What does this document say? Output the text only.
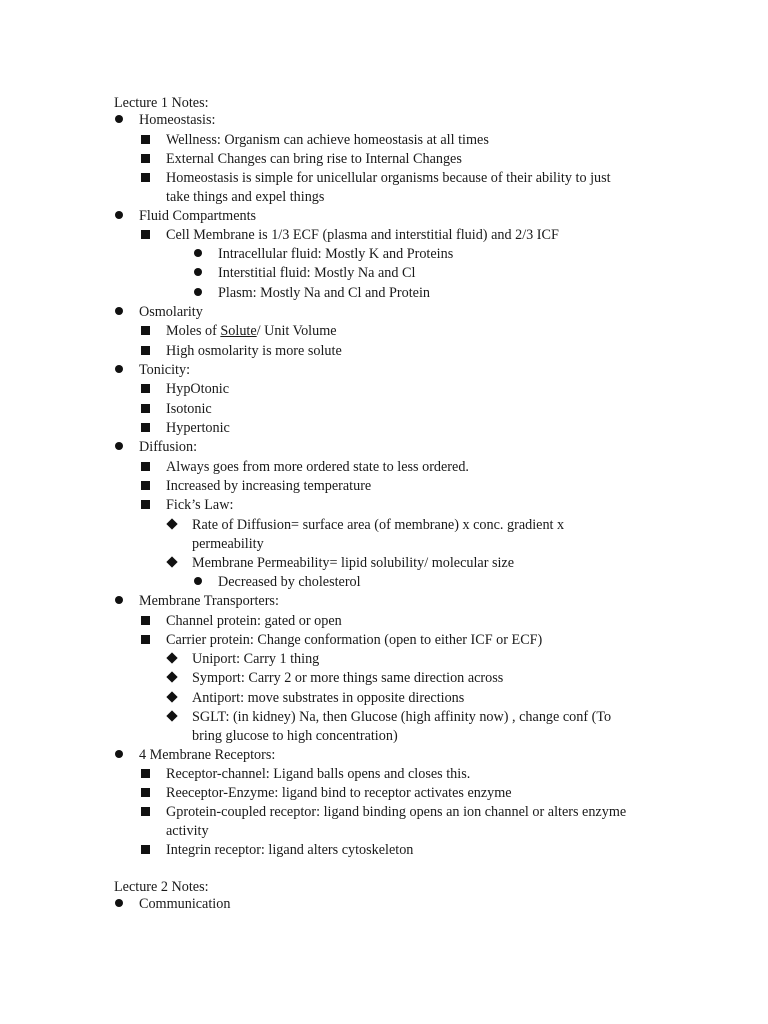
Lecture 1 Notes:
Homeostasis:
Wellness: Organism can achieve homeostasis at all times
External Changes can bring rise to Internal Changes
Homeostasis is simple for unicellular organisms because of their ability to just
take things and expel things
Fluid Compartments
Cell Membrane is 1/3 ECF (plasma and interstitial fluid) and 2/3 ICF
Intracellular fluid: Mostly K and Proteins
Interstitial fluid: Mostly Na and Cl
Plasm: Mostly Na and Cl and Protein
Osmolarity
Moles of Solute/ Unit Volume
High osmolarity is more solute
Tonicity:
HypOtonic
Isotonic
Hypertonic
Diffusion:
Always goes from more ordered state to less ordered.
Increased by increasing temperature
Fick’s Law:
Rate of Diffusion= surface area (of membrane) x conc. gradient x
permeability
Membrane Permeability= lipid solubility/ molecular size
Decreased by cholesterol
Membrane Transporters:
Channel protein: gated or open
Carrier protein: Change conformation (open to either ICF or ECF)
Uniport: Carry 1 thing
Symport: Carry 2 or more things same direction across
Antiport: move substrates in opposite directions
SGLT: (in kidney) Na, then Glucose (high affinity now) , change conf (To
bring glucose to high concentration)
4 Membrane Receptors:
Receptor-channel: Ligand balls opens and closes this.
Reeceptor-Enzyme: ligand bind to receptor activates enzyme
Gprotein-coupled receptor: ligand binding opens an ion channel or alters enzyme
activity
Integrin receptor: ligand alters cytoskeleton
Lecture 2 Notes:
Communication
